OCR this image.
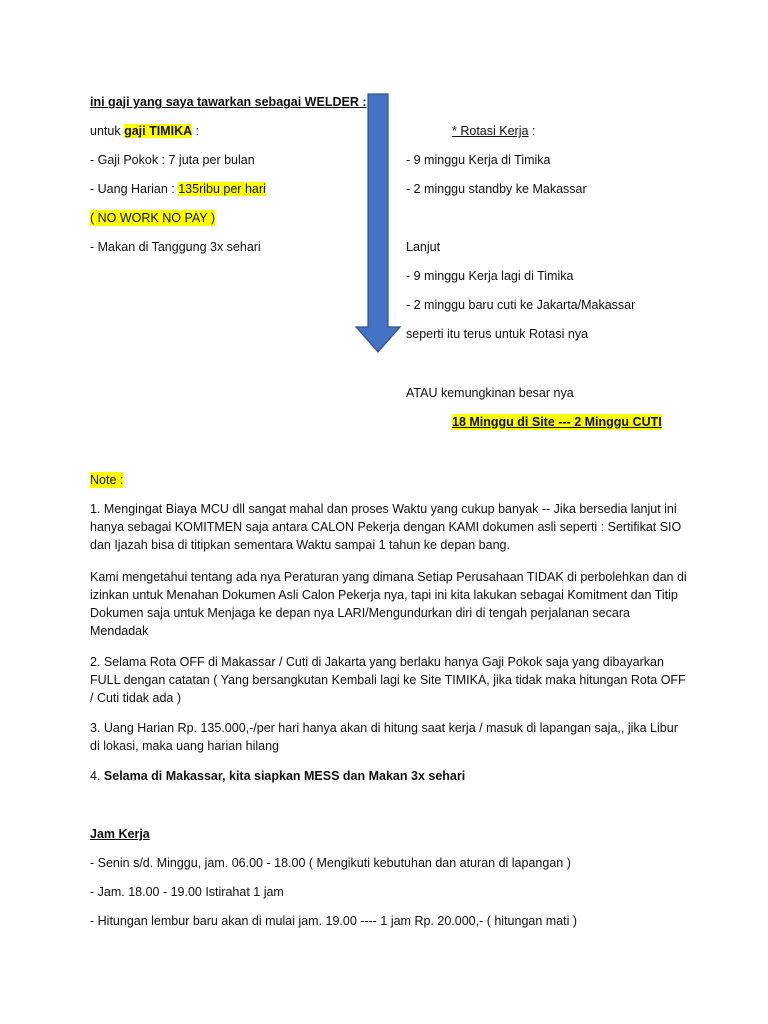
ini gaji yang saya tawarkan sebagai WELDER :
untuk gaji TIMIKA :
- Gaji Pokok : 7 juta per bulan
- Uang Harian : 135ribu per hari
( NO WORK NO PAY )
- Makan di Tanggung 3x sehari
* Rotasi Kerja :
- 9 minggu Kerja di Timika
- 2 minggu standby ke Makassar
Lanjut
- 9 minggu Kerja lagi di Timika
- 2 minggu baru cuti ke Jakarta/Makassar
seperti itu terus untuk Rotasi nya
ATAU kemungkinan besar nya
18 Minggu di Site --- 2 Minggu CUTI
Note :
1. Mengingat Biaya MCU dll sangat mahal dan proses Waktu yang cukup banyak -- Jika bersedia lanjut ini hanya sebagai KOMITMEN saja antara CALON Pekerja dengan KAMI dokumen asli seperti : Sertifikat SIO dan Ijazah bisa di titipkan sementara Waktu sampai 1 tahun ke depan bang.
Kami mengetahui tentang ada nya Peraturan yang dimana Setiap Perusahaan TIDAK di perbolehkan dan di izinkan untuk Menahan Dokumen Asli Calon Pekerja nya, tapi ini kita lakukan sebagai Komitment dan Titip Dokumen saja untuk Menjaga ke depan nya LARI/Mengundurkan diri di tengah perjalanan secara Mendadak
2. Selama Rota OFF di Makassar / Cuti di Jakarta yang berlaku hanya Gaji Pokok saja yang dibayarkan FULL dengan catatan ( Yang bersangkutan Kembali lagi ke Site TIMIKA, jika tidak maka hitungan Rota OFF / Cuti tidak ada )
3. Uang Harian Rp. 135.000,-/per hari hanya akan di hitung saat kerja / masuk di lapangan saja,, jika Libur di lokasi, maka uang harian hilang
4. Selama di Makassar, kita siapkan MESS dan Makan 3x sehari
Jam Kerja
- Senin s/d. Minggu, jam. 06.00 - 18.00 ( Mengikuti kebutuhan dan aturan di lapangan )
- Jam. 18.00 - 19.00 Istirahat 1 jam
- Hitungan lembur baru akan di mulai jam. 19.00 ---- 1 jam Rp. 20.000,- ( hitungan mati )
